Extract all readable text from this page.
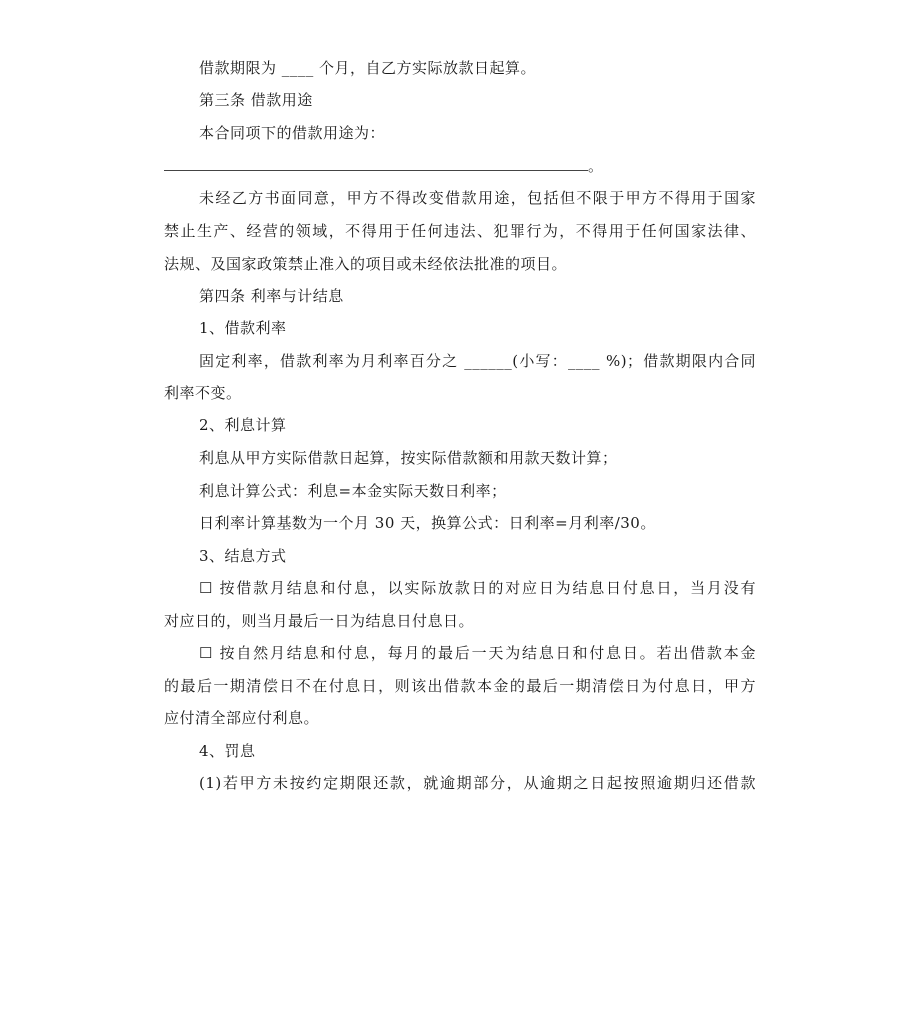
借款期限为 ____ 个月，自乙方实际放款日起算。
第三条 借款用途
本合同项下的借款用途为：
。
未经乙方书面同意，甲方不得改变借款用途，包括但不限于甲方不得用于国家
禁止生产、经营的领域，不得用于任何违法、犯罪行为，不得用于任何国家法律、
法规、及国家政策禁止准入的项目或未经依法批准的项目。
第四条 利率与计结息
1、借款利率
固定利率，借款利率为月利率百分之 ______(小写：____ %)；借款期限内合同
利率不变。
2、利息计算
利息从甲方实际借款日起算，按实际借款额和用款天数计算；
利息计算公式：利息=本金实际天数日利率；
日利率计算基数为一个月 30 天，换算公式：日利率=月利率/30。
3、结息方式
☐ 按借款月结息和付息，以实际放款日的对应日为结息日付息日，当月没有
对应日的，则当月最后一日为结息日付息日。
☐ 按自然月结息和付息，每月的最后一天为结息日和付息日。若出借款本金
的最后一期清偿日不在付息日，则该出借款本金的最后一期清偿日为付息日，甲方
应付清全部应付利息。
4、罚息
(1)若甲方未按约定期限还款，就逾期部分，从逾期之日起按照逾期归还借款
